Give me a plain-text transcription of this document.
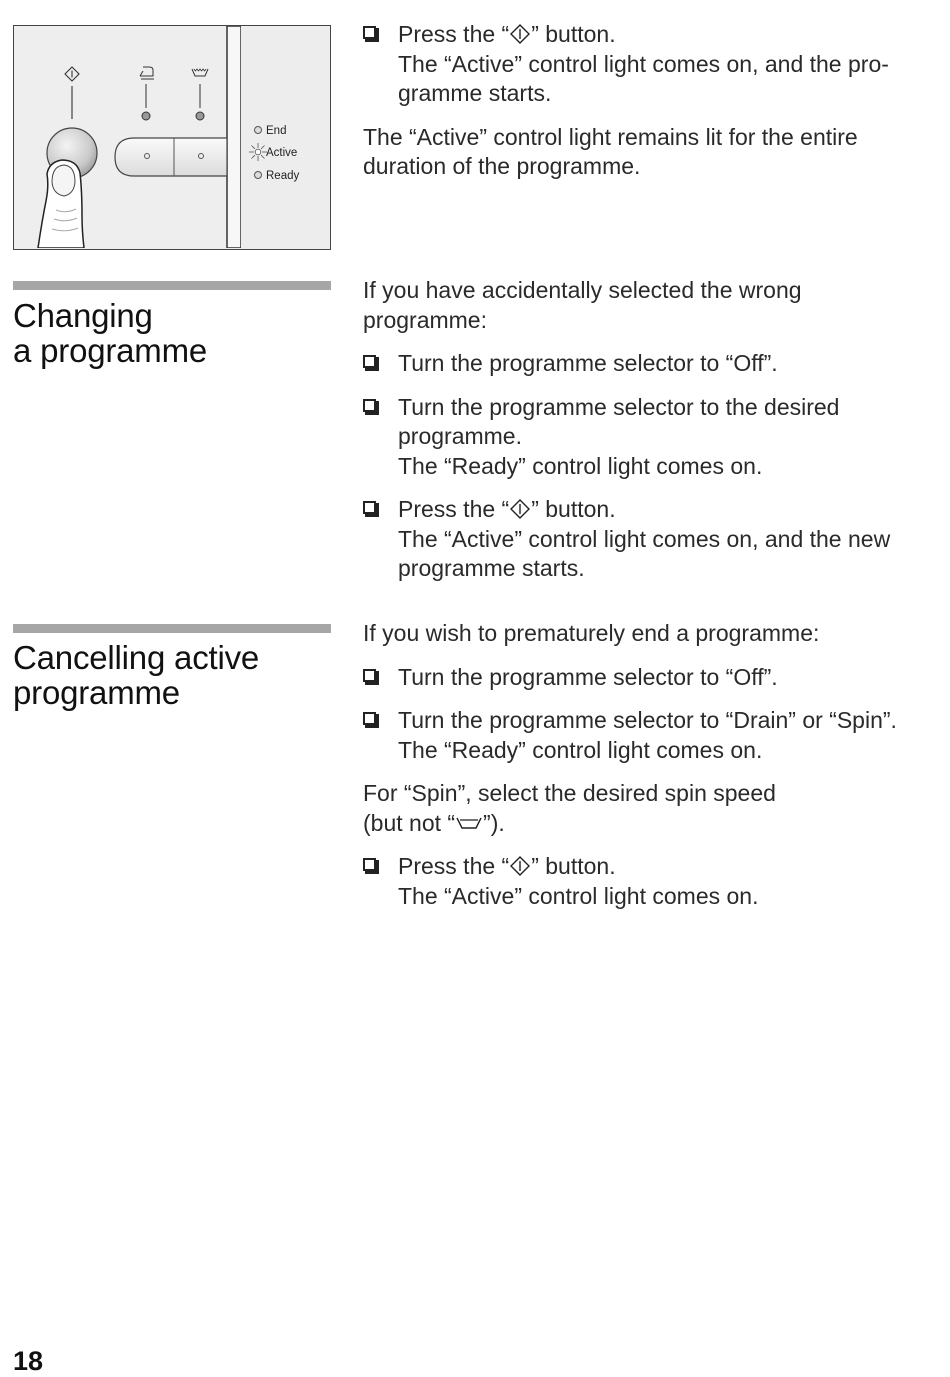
End
Active
Ready
Press the “ ” button.
The “Active” control light comes on, and the pro-
gramme starts.

The “Active” control light remains lit for the entire
duration of the programme.

Changing
a programme

If you have accidentally selected the wrong
programme:

Turn the programme selector to “Off”.
Turn the programme selector to the desired
programme.
The “Ready” control light comes on.
Press the “ ” button.
The “Active” control light comes on, and the new
programme starts.
Cancelling active
programme

If you wish to prematurely end a programme:

Turn the programme selector to “Off”.
Turn the programme selector to “Drain” or “Spin”.
The “Ready” control light comes on.

For “Spin”, select the desired spin speed
(but not “ ”).

Press the “ ” button.
The “Active” control light comes on.
18
